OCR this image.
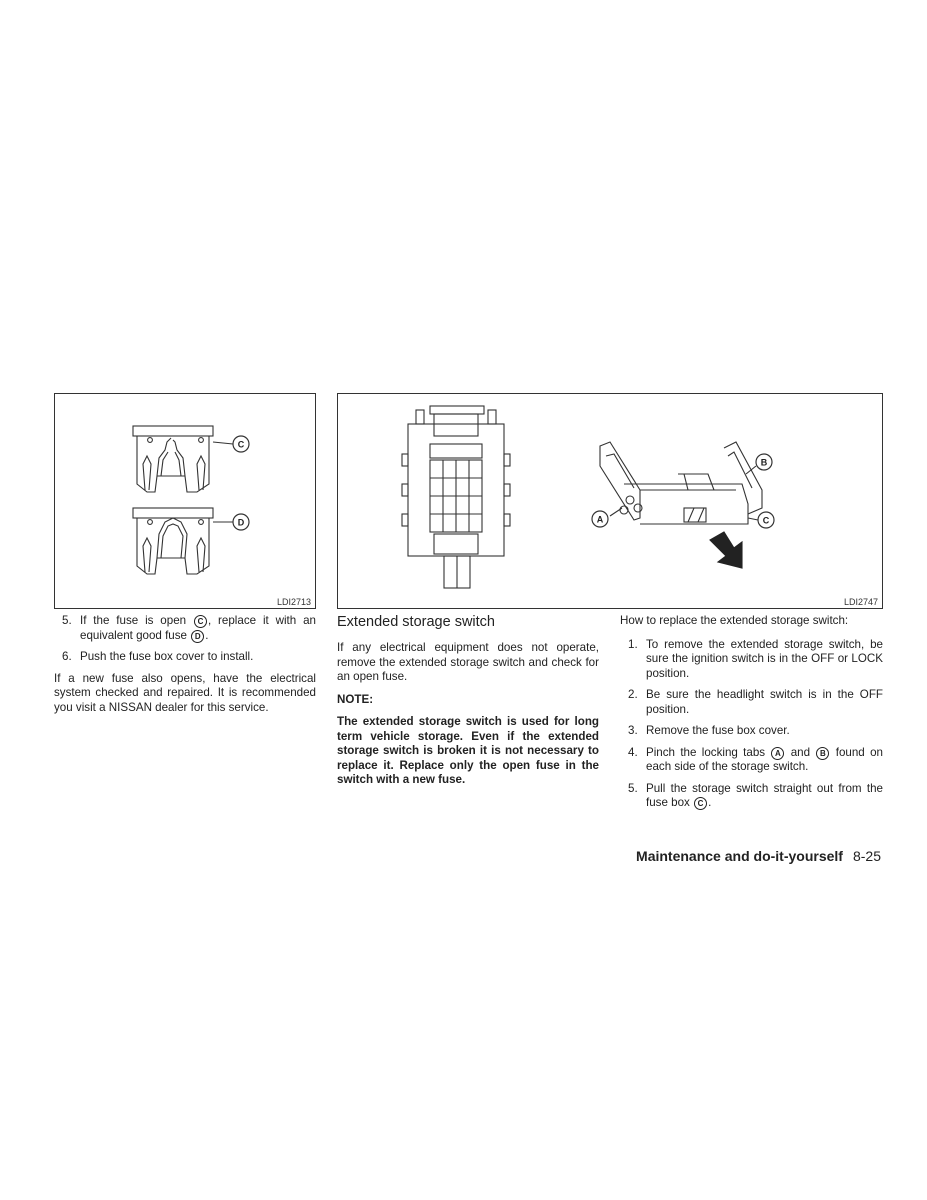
C
D
LDI2713
A
B
C
LDI2747
5. If the fuse is open C , replace it with an equivalent good fuse D .
6. Push the fuse box cover to install.

If a new fuse also opens, have the electrical system checked and repaired. It is recommended you visit a NISSAN dealer for this service.

Extended storage switch

If any electrical equipment does not operate, remove the extended storage switch and check for an open fuse.

NOTE:
The extended storage switch is used for long term vehicle storage. Even if the extended storage switch is broken it is not necessary to replace it. Replace only the open fuse in the switch with a new fuse.

How to replace the extended storage switch:

1. To remove the extended storage switch, be sure the ignition switch is in the OFF or LOCK position.
2. Be sure the headlight switch is in the OFF position.
3. Remove the fuse box cover.
4. Pinch the locking tabs A and B found on each side of the storage switch.
5. Pull the storage switch straight out from the fuse box C .
Maintenance and do-it-yourself 8-25
